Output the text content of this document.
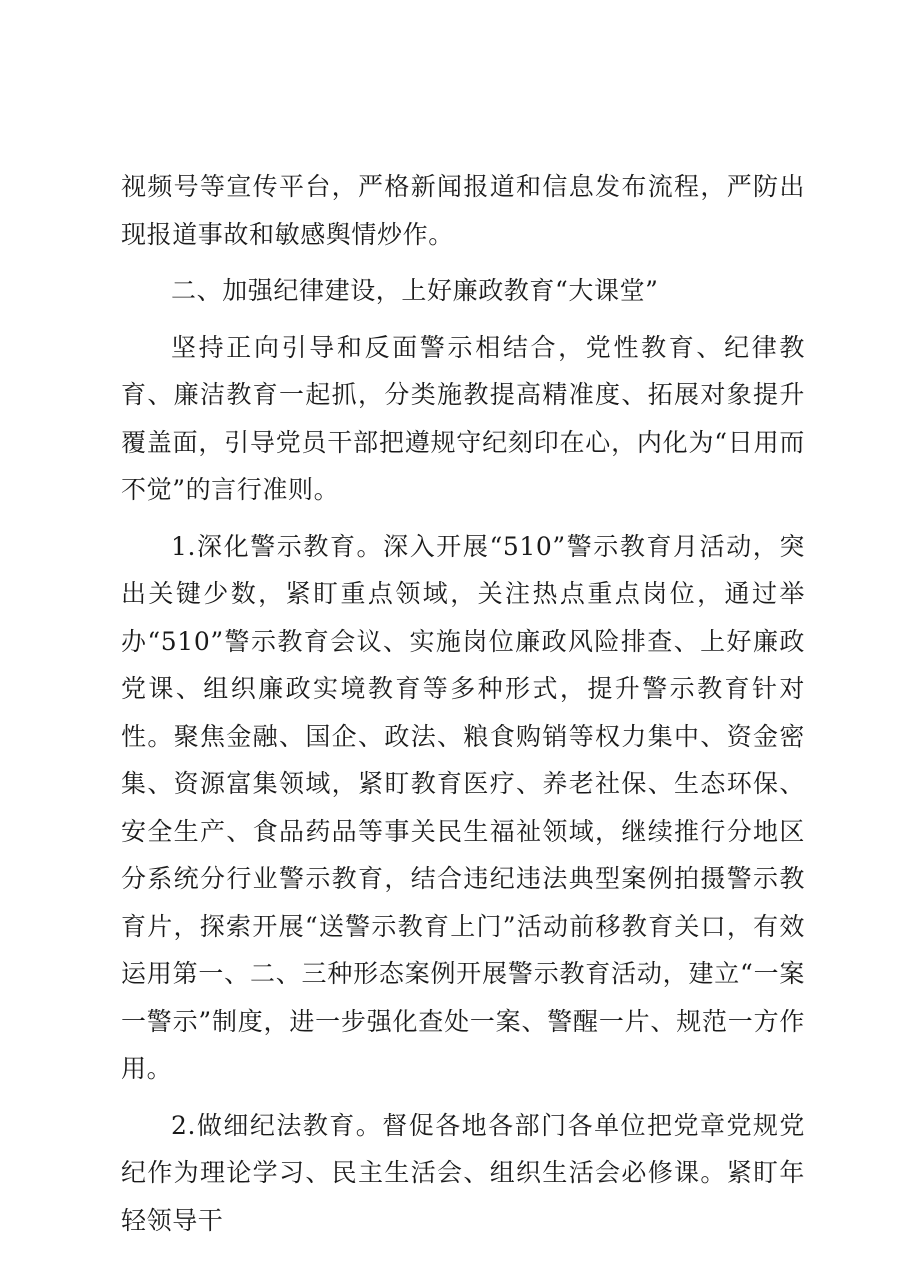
视频号等宣传平台，严格新闻报道和信息发布流程，严防出现报道事故和敏感舆情炒作。

二、加强纪律建设，上好廉政教育“大课堂”

坚持正向引导和反面警示相结合，党性教育、纪律教育、廉洁教育一起抓，分类施教提高精准度、拓展对象提升覆盖面，引导党员干部把遵规守纪刻印在心，内化为“日用而不觉”的言行准则。

1.深化警示教育。深入开展“510”警示教育月活动，突出关键少数，紧盯重点领域，关注热点重点岗位，通过举办“510”警示教育会议、实施岗位廉政风险排查、上好廉政党课、组织廉政实境教育等多种形式，提升警示教育针对性。聚焦金融、国企、政法、粮食购销等权力集中、资金密集、资源富集领域，紧盯教育医疗、养老社保、生态环保、安全生产、食品药品等事关民生福祉领域，继续推行分地区分系统分行业警示教育，结合违纪违法典型案例拍摄警示教育片，探索开展“送警示教育上门”活动前移教育关口，有效运用第一、二、三种形态案例开展警示教育活动，建立“一案一警示”制度，进一步强化查处一案、警醒一片、规范一方作用。

2.做细纪法教育。督促各地各部门各单位把党章党规党纪作为理论学习、民主生活会、组织生活会必修课。紧盯年轻领导干
